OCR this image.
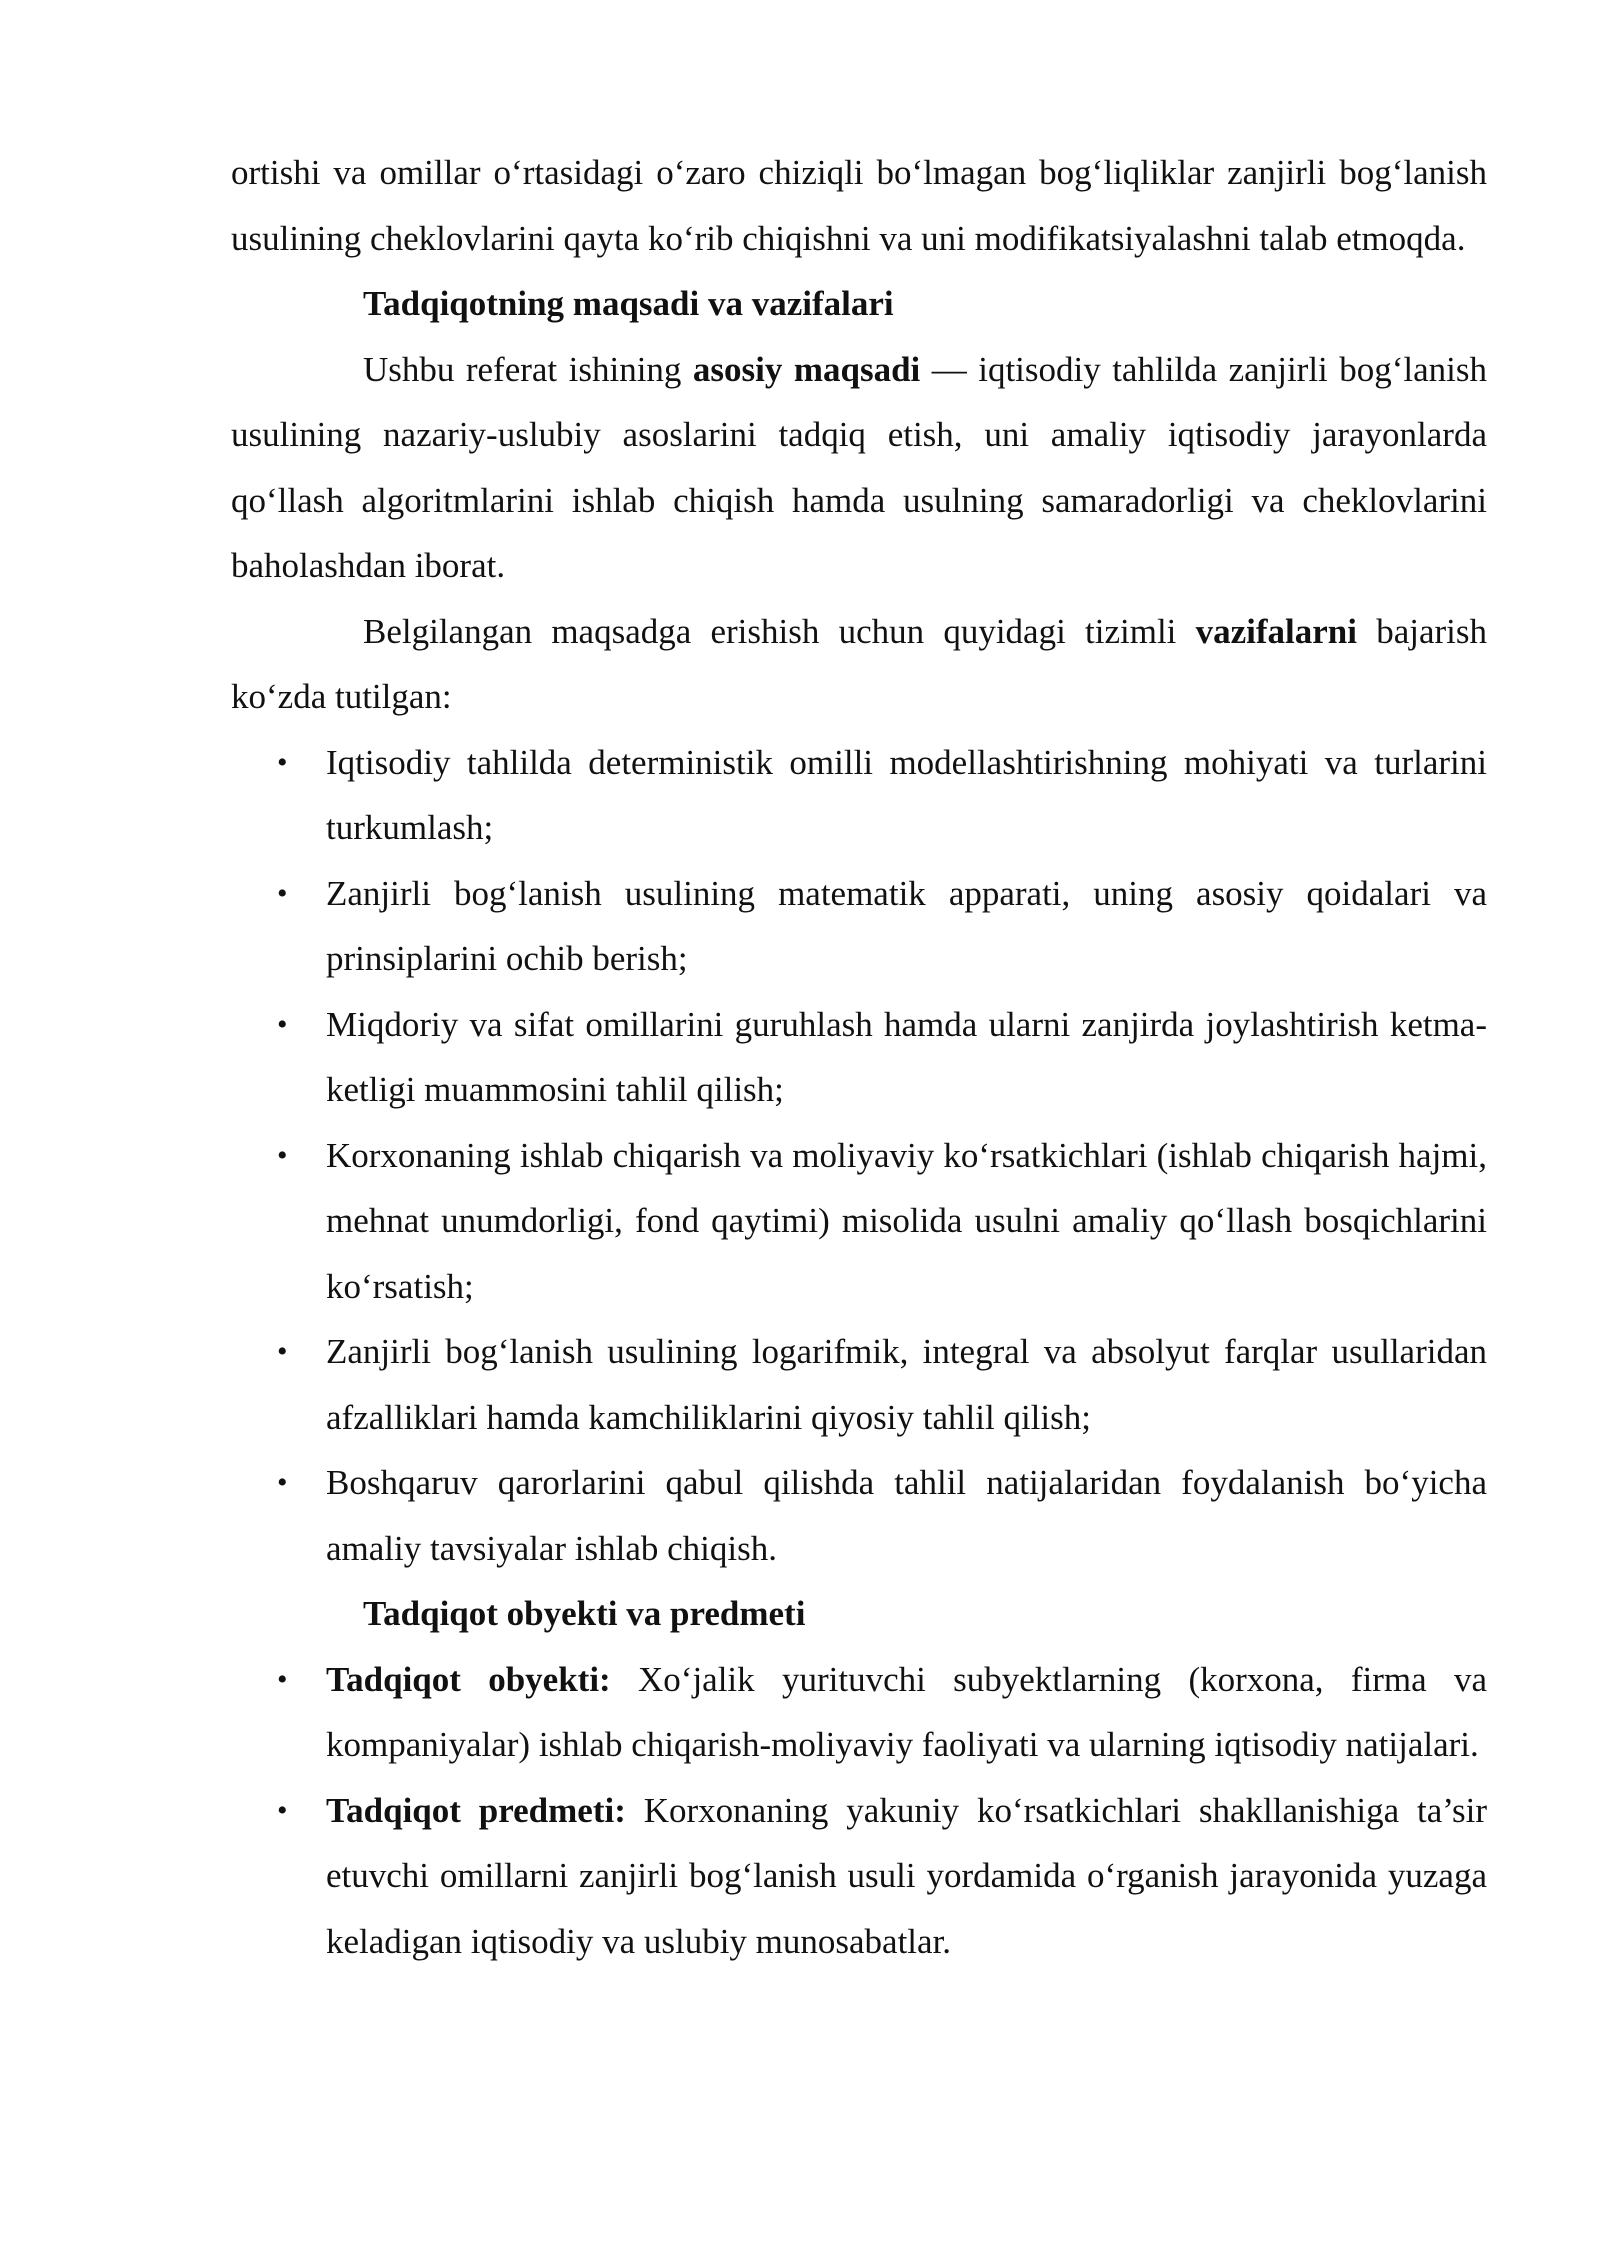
ortishi va omillar o‘rtasidagi o‘zaro chiziqli bo‘lmagan bog‘liqliklar zanjirli bog‘lanish usulining cheklovlarini qayta ko‘rib chiqishni va uni modifikatsiyalashni talab etmoqda.

Tadqiqotning maqsadi va vazifalari

Ushbu referat ishining asosiy maqsadi — iqtisodiy tahlilda zanjirli bog‘lanish usulining nazariy-uslubiy asoslarini tadqiq etish, uni amaliy iqtisodiy jarayonlarda qo‘llash algoritmlarini ishlab chiqish hamda usulning samaradorligi va cheklovlarini baholashdan iborat.

Belgilangan maqsadga erishish uchun quyidagi tizimli vazifalarni bajarish ko‘zda tutilgan:

• Iqtisodiy tahlilda deterministik omilli modellashtirishning mohiyati va turlarini turkumlash;
• Zanjirli bog‘lanish usulining matematik apparati, uning asosiy qoidalari va prinsiplarini ochib berish;
• Miqdoriy va sifat omillarini guruhlash hamda ularni zanjirda joylashtirish ketma-ketligi muammosini tahlil qilish;
• Korxonaning ishlab chiqarish va moliyaviy ko‘rsatkichlari (ishlab chiqarish hajmi, mehnat unumdorligi, fond qaytimi) misolida usulni amaliy qo‘llash bosqichlarini ko‘rsatish;
• Zanjirli bog‘lanish usulining logarifmik, integral va absolyut farqlar usullaridan afzalliklari hamda kamchiliklarini qiyosiy tahlil qilish;
• Boshqaruv qarorlarini qabul qilishda tahlil natijalaridan foydalanish bo‘yicha amaliy tavsiyalar ishlab chiqish.

Tadqiqot obyekti va predmeti

• Tadqiqot obyekti: Xo‘jalik yurituvchi subyektlarning (korxona, firma va kompaniyalar) ishlab chiqarish-moliyaviy faoliyati va ularning iqtisodiy natijalari.
• Tadqiqot predmeti: Korxonaning yakuniy ko‘rsatkichlari shakllanishiga ta’sir etuvchi omillarni zanjirli bog‘lanish usuli yordamida o‘rganish jarayonida yuzaga keladigan iqtisodiy va uslubiy munosabatlar.
